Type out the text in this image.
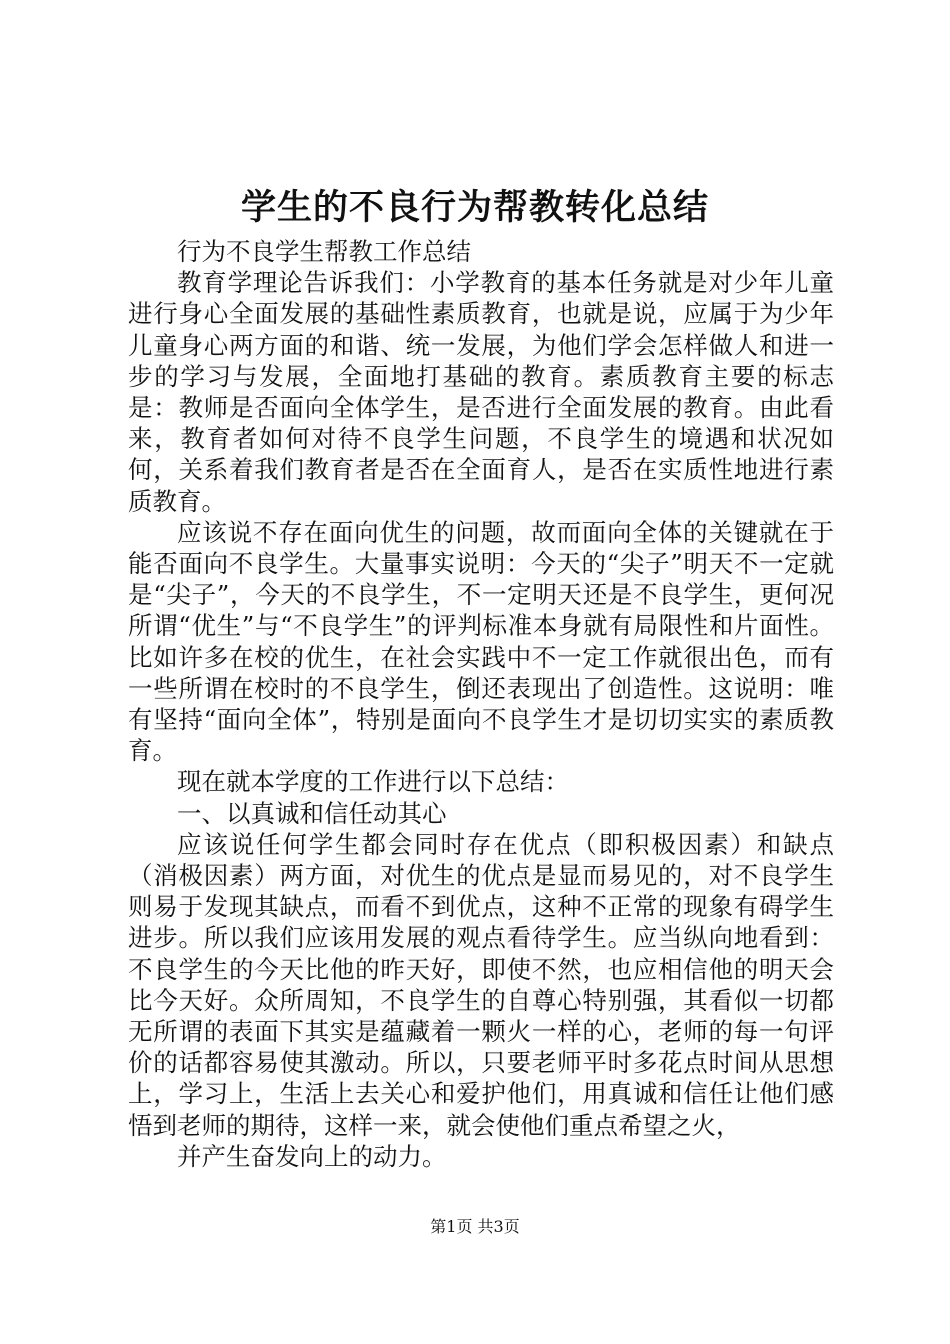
学生的不良行为帮教转化总结

行为不良学生帮教工作总结

教育学理论告诉我们：小学教育的基本任务就是对少年儿童进行身心全面发展的基础性素质教育，也就是说，应属于为少年儿童身心两方面的和谐、统一发展，为他们学会怎样做人和进一步的学习与发展，全面地打基础的教育。素质教育主要的标志是：教师是否面向全体学生，是否进行全面发展的教育。由此看来，教育者如何对待不良学生问题，不良学生的境遇和状况如何，关系着我们教育者是否在全面育人，是否在实质性地进行素质教育。

应该说不存在面向优生的问题，故而面向全体的关键就在于能否面向不良学生。大量事实说明：今天的“尖子”明天不一定就是“尖子”，今天的不良学生，不一定明天还是不良学生，更何况所谓“优生”与“不良学生”的评判标准本身就有局限性和片面性。比如许多在校的优生，在社会实践中不一定工作就很出色，而有一些所谓在校时的不良学生，倒还表现出了创造性。这说明：唯有坚持“面向全体”，特别是面向不良学生才是切切实实的素质教育。

现在就本学度的工作进行以下总结：

一、以真诚和信任动其心

应该说任何学生都会同时存在优点（即积极因素）和缺点（消极因素）两方面，对优生的优点是显而易见的，对不良学生则易于发现其缺点，而看不到优点，这种不正常的现象有碍学生进步。所以我们应该用发展的观点看待学生。应当纵向地看到：不良学生的今天比他的昨天好，即使不然，也应相信他的明天会比今天好。众所周知，不良学生的自尊心特别强，其看似一切都无所谓的表面下其实是蕴藏着一颗火一样的心，老师的每一句评价的话都容易使其激动。所以，只要老师平时多花点时间从思想上，学习上，生活上去关心和爱护他们，用真诚和信任让他们感悟到老师的期待，这样一来，就会使他们重点希望之火，

并产生奋发向上的动力。

第1页 共3页
